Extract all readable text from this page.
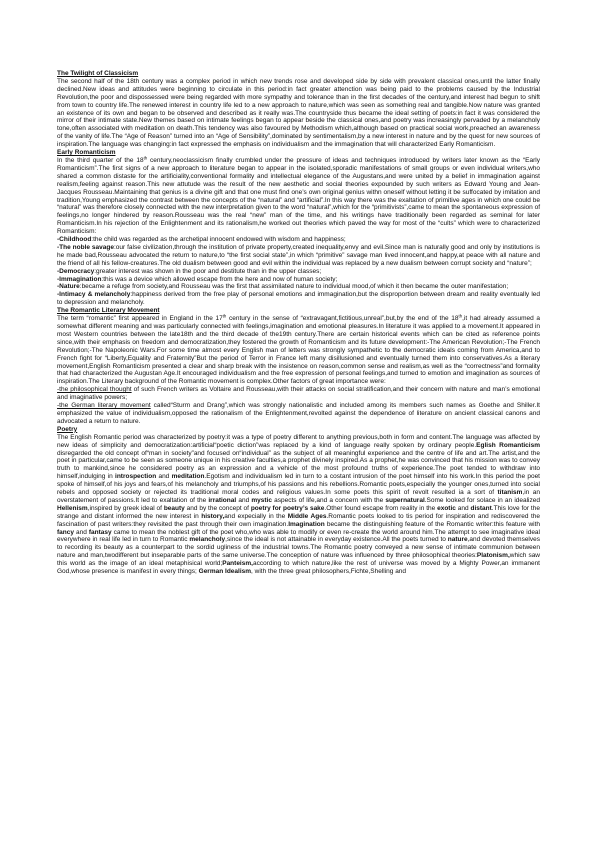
The Twilight of Classicism

The second half of the 18th century was a complex period in which new trends rose and developed side by side with prevalent classical ones,until the latter finally declined.New ideas and attitudes were beginning to circulate in this period:in fact greater attenction was being paid to the problems caused by the Industrial Revolution,the poor and dispossessed were being regarded with more sympathy and tolerance than in the first decades of the century,and interest had begun to shift from town to country life.The renewed interest in country life led to a new approach to nature,which was seen as something real and tangible.Now nature was granted an existence of its own and began to be observed and described as it really was.The countryside thus became the ideal setting of poets:in fact it was considered the mirror of their intimate state.New themes based on intimate feelings began to appear beside the classical ones,and poetry was increasingly pervaded by a melancholy tone,often associated with meditation on death.This tendency was also favoured by Methodism which,although based on practical social work,preached an awareness of the vanity of life.The “Age of Reason” turned into an “Age of Sensibility”,dominated by sentimentalism,by a new interest in nature and by the quest for new sources of inspiration.The language was changing:in fact expressed the emphasis on individualism and the immagination that will characterized Early Romanticism.

Early Romanticism

In the third quarter of the 18th century,neoclassicism finally crumbled under the pressure of ideas and techniques introduced by writers later known as the “Early Romanticism”.The first signs of a new approach to literature began to appear in the isolated,sporadic manifestations of small groups or even individual writers,who shared a common distaste for the artificiality,conventional formality and intellectual elegance of the Augustans,and were united by a belief in immagination against realism,feeling against reason.This new attutude was the result of the new aesthetic and social theories expounded by such writers as Edward Young and Jean-Jacques Rousseau.Maintaining that genius is a divine gift and that one must find one’s own original genius withn oneself without letting it be suffocated by imitation and tradition,Young emphasized the contrast between the concepts of the “natural” and “artificial”.In this way there was the exaltation of primitive ages in which one could be “natural” was therefore closely connected with the new interpretation given to the word “natural”,which for the “primitivists”,came to mean the spontaneous expression of feelings,no longer hindered by reason.Rousseau was the real “new” man of the time, and his writings have traditionally been regarded as seminal for later Romanticism.In his rejection of the Enlightenment and its rationalism,he worked out theories which paved the way for most of the “cults” which were to characterized Romanticism:

-Childhood:the child was regarded as the archetipal innocent endowed with wisdom and happiness;

-The noble savage:our false civilization,through the institution of private property,created inequality,envy and evil.Since man is naturally good and only by institutions is he made bad,Rousseau advocated the return to nature,to “the first social state”,in which “primitive” savage man lived innocent,and happy,at peace with all nature and the friend of all his fellow-creatures.The old dualism between good and evil within the individual was replaced by a new dualism between corrupt society and “nature”;

-Democracy:greater interest was shown in the poor and destitute than in the upper classes;

-Immagination:this was a device which allowed escape from the here and now of human society;

-Nature:became a refuge from society,and Rousseau was the first that assimilated nature to individual mood,of which it then became the outer manifestation;

-Intimacy & melancholy:happiness derived from the free play of personal emotions and immagination,but the disproportion between dream and reality eventually led to depression and melancholy.

The Romantic Literary Movement

The term “romantic” first appeared in England in the 17th century in the sense of “extravagant,fictitious,unreal”,but,by the end of the 18th,it had already assumed a somewhat different meaning and was particularly connected with feelings,imagination and emotional pleasures.In literature it was applied to a movement.It appeared in most Western countries between the late18th and the third decade of the19th century.There are certain historical events which can be cited as reference points since,with their emphasis on freedom and democratization,they fostered the growth of Romanticism and its future development:-The American Revolution;-The French Revolution;-The Napoleonic Wars.For some time almost every English man of letters was strongly sympathetic to the democratic ideals coming from America,and to French fight for “Liberty,Equality and Fraternity”But the period of Terror in France left many disillusioned and eventually turned them into conservatives.As a literary movement,English Romanticism presented a clear and sharp break with the insistence on reason,common sense and realism,as well as the “correctness”and formality that had characterized the Augustan Age.It encouraged individualism and the free expression of personal feelings,and turned to emotion and imagination as sources of inspiration.The Literary background of the Romantic movement is complex.Other factors of great importance were:

-the philosophical thought of such French writers as Voltaire and Rousseau,with their attacks on social stratification,and their concern with nature and man’s emotional and imaginative powers;

-the German literary movement called“Sturm and Drang”,which was strongly nationalistic and included among its members such names as Goethe and Shiller.It emphasized the value of individualism,opposed the rationalism of the Enlightenment,revolted against the dependence of literature on ancient classical canons and advocated a return to nature.

Poetry

The English Romantic period was characterized by poetry:it was a type of poetry different to anything previous,both in form and content.The language was affected by new ideas of simplicity and democratization:artificial“poetic diction”was replaced by a kind of language really spoken by ordinary people.Eglish Romanticism disregarded the old concept of“man in society”and focused on“individual” as the subject of all meaningful experience and the centre of life and art.The artist,and the poet in particular,came to be seen as someone unique in his creative faculties,a prophet divinely inspired.As a prophet,he was convinced that his mission was to convey truth to mankind,since he considered poetry as an expression and a vehicle of the most profound truths of experience.The poet tended to withdraw into himself,indulging in introspection and meditation.Egotism and individualism led in turn to a costant intrusion of the poet himself into his work.In this period the poet spoke of himself,of his joys and fears,of his melancholy and triumphs,of his passions and his rebellions.Romantic poets,especially the younger ones,turned into social rebels and opposed society or rejected its traditional moral codes and religious values.In some poets this spirit of revolt resulted ia a sort of titanism,in an overstatement of passions.It led to exaltation of the irrational and mystic aspects of life,and a concern with the supernatural.Some looked for solace in an idealized Hellenism,inspired by greek ideal of beauty and by the concept of poetry for poetry’s sake.Other found escape from reality in the exotic and distant.This love for the strange and distant informed the new interest in history,and expecially in the Middle Ages.Romantic poets looked to tis period for inspiration and rediscovered the fascination of past writers:they revisited the past through their own imagination.Imagination became the distinguishing feature of the Romantic writer:this feature with fancy and fantasy came to mean the noblest gift of the poet who,who was able to modify or even re-create the world around him.The attempt to see imaginative ideal everywhere in real life led in turn to Romantic melancholy,since the ideal is not attainable in everyday existence.All the poets turned to nature,and devoted themselves to recording its beauty as a counterpart to the sordid ugliness of the industrial towns.The Romantic poetry conveyed a new sense of intimate communion between nature and man,twodifferent but inseparable parts of the same universe.The conception of nature was influenced by three philosophical theories:Platonism,which saw this world as the image of an ideal metaphisical world;Panteism,according to which nature,like the rest of universe was moved by a Mighty Power,an immanent God,whose presence is manifest in every things; German Idealism, with the three great philosophers,Fichte,Shelling and
